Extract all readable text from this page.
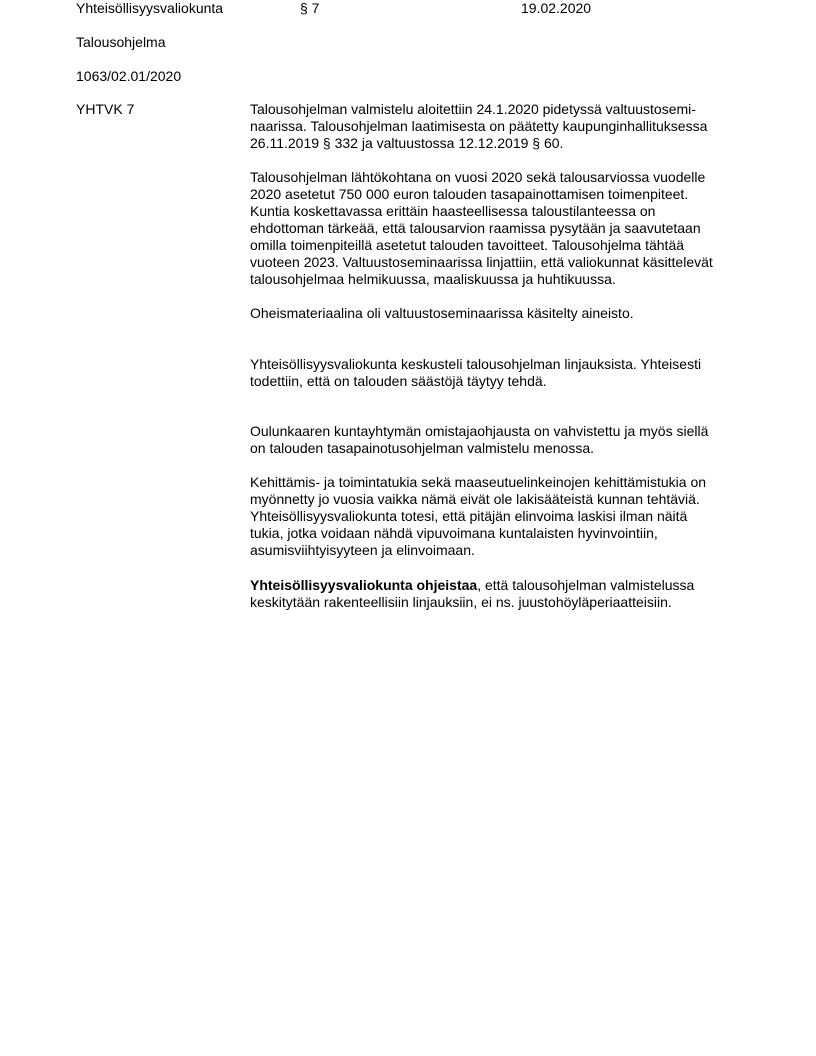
Yhteisöllisyysvaliokunta	§ 7	19.02.2020
Talousohjelma
1063/02.01/2020
YHTVK 7	Talousohjelman valmistelu aloitettiin 24.1.2020 pidetyssä valtuustosemi-
naarissa. Talousohjelman laatimisesta on päätetty kaupunginhallituksessa
26.11.2019 § 332 ja valtuustossa 12.12.2019 § 60.
Talousohjelman lähtökohtana on vuosi 2020 sekä talousarviossa vuodelle
2020 asetetut 750 000 euron talouden tasapainottamisen toimenpiteet.
Kuntia koskettavassa erittäin haasteellisessa taloustilanteessa on
ehdottoman tärkeää, että talousarvion raamissa pysytään ja saavutetaan
omilla toimenpiteillä asetetut talouden tavoitteet. Talousohjelma tähtää
vuoteen 2023. Valtuustoseminaarissa linjattiin, että valiokunnat käsittelevät
talousohjelmaa helmikuussa, maaliskuussa ja huhtikuussa.
Oheismateriaalina oli valtuustoseminaarissa käsitelty aineisto.
Yhteisöllisyysvaliokunta keskusteli talousohjelman linjauksista. Yhteisesti
todettiin, että on talouden säästöjä täytyy tehdä.
Oulunkaaren kuntayhtymän omistajaohjausta on vahvistettu ja myös siellä
on talouden tasapainotusohjelman valmistelu menossa.
Kehittämis- ja toimintatukia sekä maaseutuelinkeinojen kehittämistukia on
myönnetty jo vuosia vaikka nämä eivät ole lakisääteistä kunnan tehtäviä.
Yhteisöllisyysvaliokunta totesi, että pitäjän elinvoima laskisi ilman näitä
tukia, jotka voidaan nähdä vipuvoimana kuntalaisten hyvinvointiin,
asumisviihtyisyyteen ja elinvoimaan.
Yhteisöllisyysvaliokunta ohjeistaa, että talousohjelman valmistelussa
keskitytään rakenteellisiin linjauksiin, ei ns. juustohöyläperiaatteisiin.
